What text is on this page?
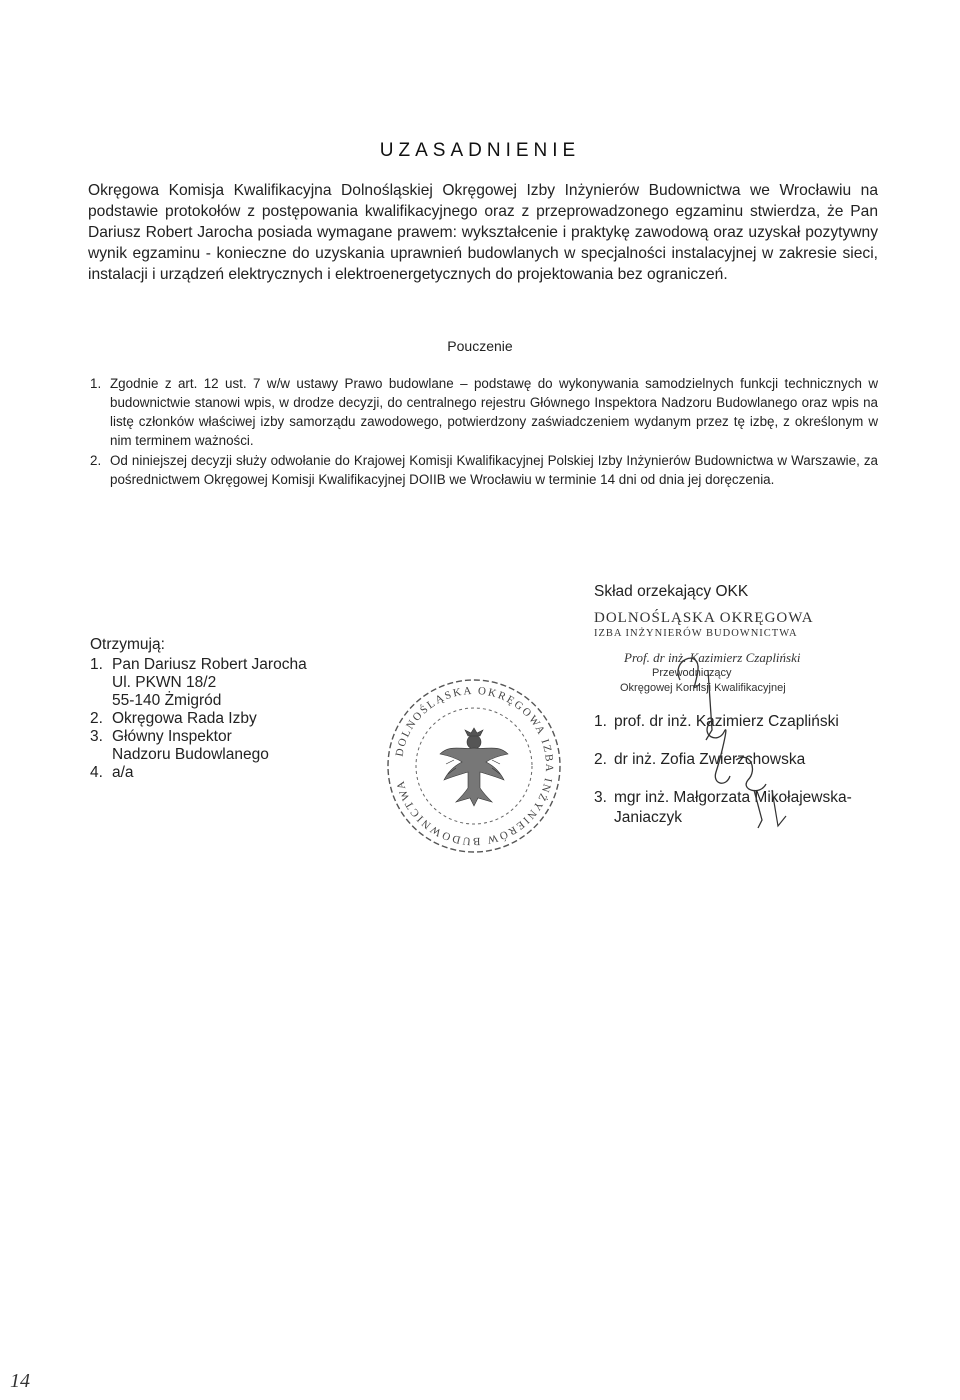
UZASADNIENIE
Okręgowa Komisja Kwalifikacyjna Dolnośląskiej Okręgowej Izby Inżynierów Budownictwa we Wrocławiu na podstawie protokołów z postępowania kwalifikacyjnego oraz z przeprowadzonego egzaminu stwierdza, że Pan Dariusz Robert Jarocha posiada wymagane prawem: wykształcenie i praktykę zawodową oraz uzyskał pozytywny wynik egzaminu - konieczne do uzyskania uprawnień budowlanych w specjalności instalacyjnej w zakresie sieci, instalacji i urządzeń elektrycznych i elektroenergetycznych do projektowania bez ograniczeń.
Pouczenie
1. Zgodnie z art. 12 ust. 7 w/w ustawy Prawo budowlane – podstawę do wykonywania samodzielnych funkcji technicznych w budownictwie stanowi wpis, w drodze decyzji, do centralnego rejestru Głównego Inspektora Nadzoru Budowlanego oraz wpis na listę członków właściwej izby samorządu zawodowego, potwierdzony zaświadczeniem wydanym przez tę izbę, z określonym w nim terminem ważności.
2. Od niniejszej decyzji służy odwołanie do Krajowej Komisji Kwalifikacyjnej Polskiej Izby Inżynierów Budownictwa w Warszawie, za pośrednictwem Okręgowej Komisji Kwalifikacyjnej DOIIB we Wrocławiu w terminie 14 dni od dnia jej doręczenia.
Otrzymują:
1. Pan Dariusz Robert Jarocha
Ul. PKWN 18/2
55-140 Żmigród
2. Okręgowa Rada Izby
3. Główny Inspektor
Nadzoru Budowlanego
4. a/a
DOLNOŚLĄSKA OKRĘGOWA IZBA INŻYNIERÓW BUDOWNICTWA
Skład orzekający OKK
DOLNOŚLĄSKA OKRĘGOWA
IZBA INŻYNIERÓW BUDOWNICTWA
Prof. dr inż. Kazimierz Czapliński
Przewodniczący
Okręgowej Komisji Kwalifikacyjnej
1. prof. dr inż. Kazimierz Czapliński
2. dr inż. Zofia Zwierzchowska
3. mgr inż. Małgorzata Mikołajewska-
Janiaczyk
14
